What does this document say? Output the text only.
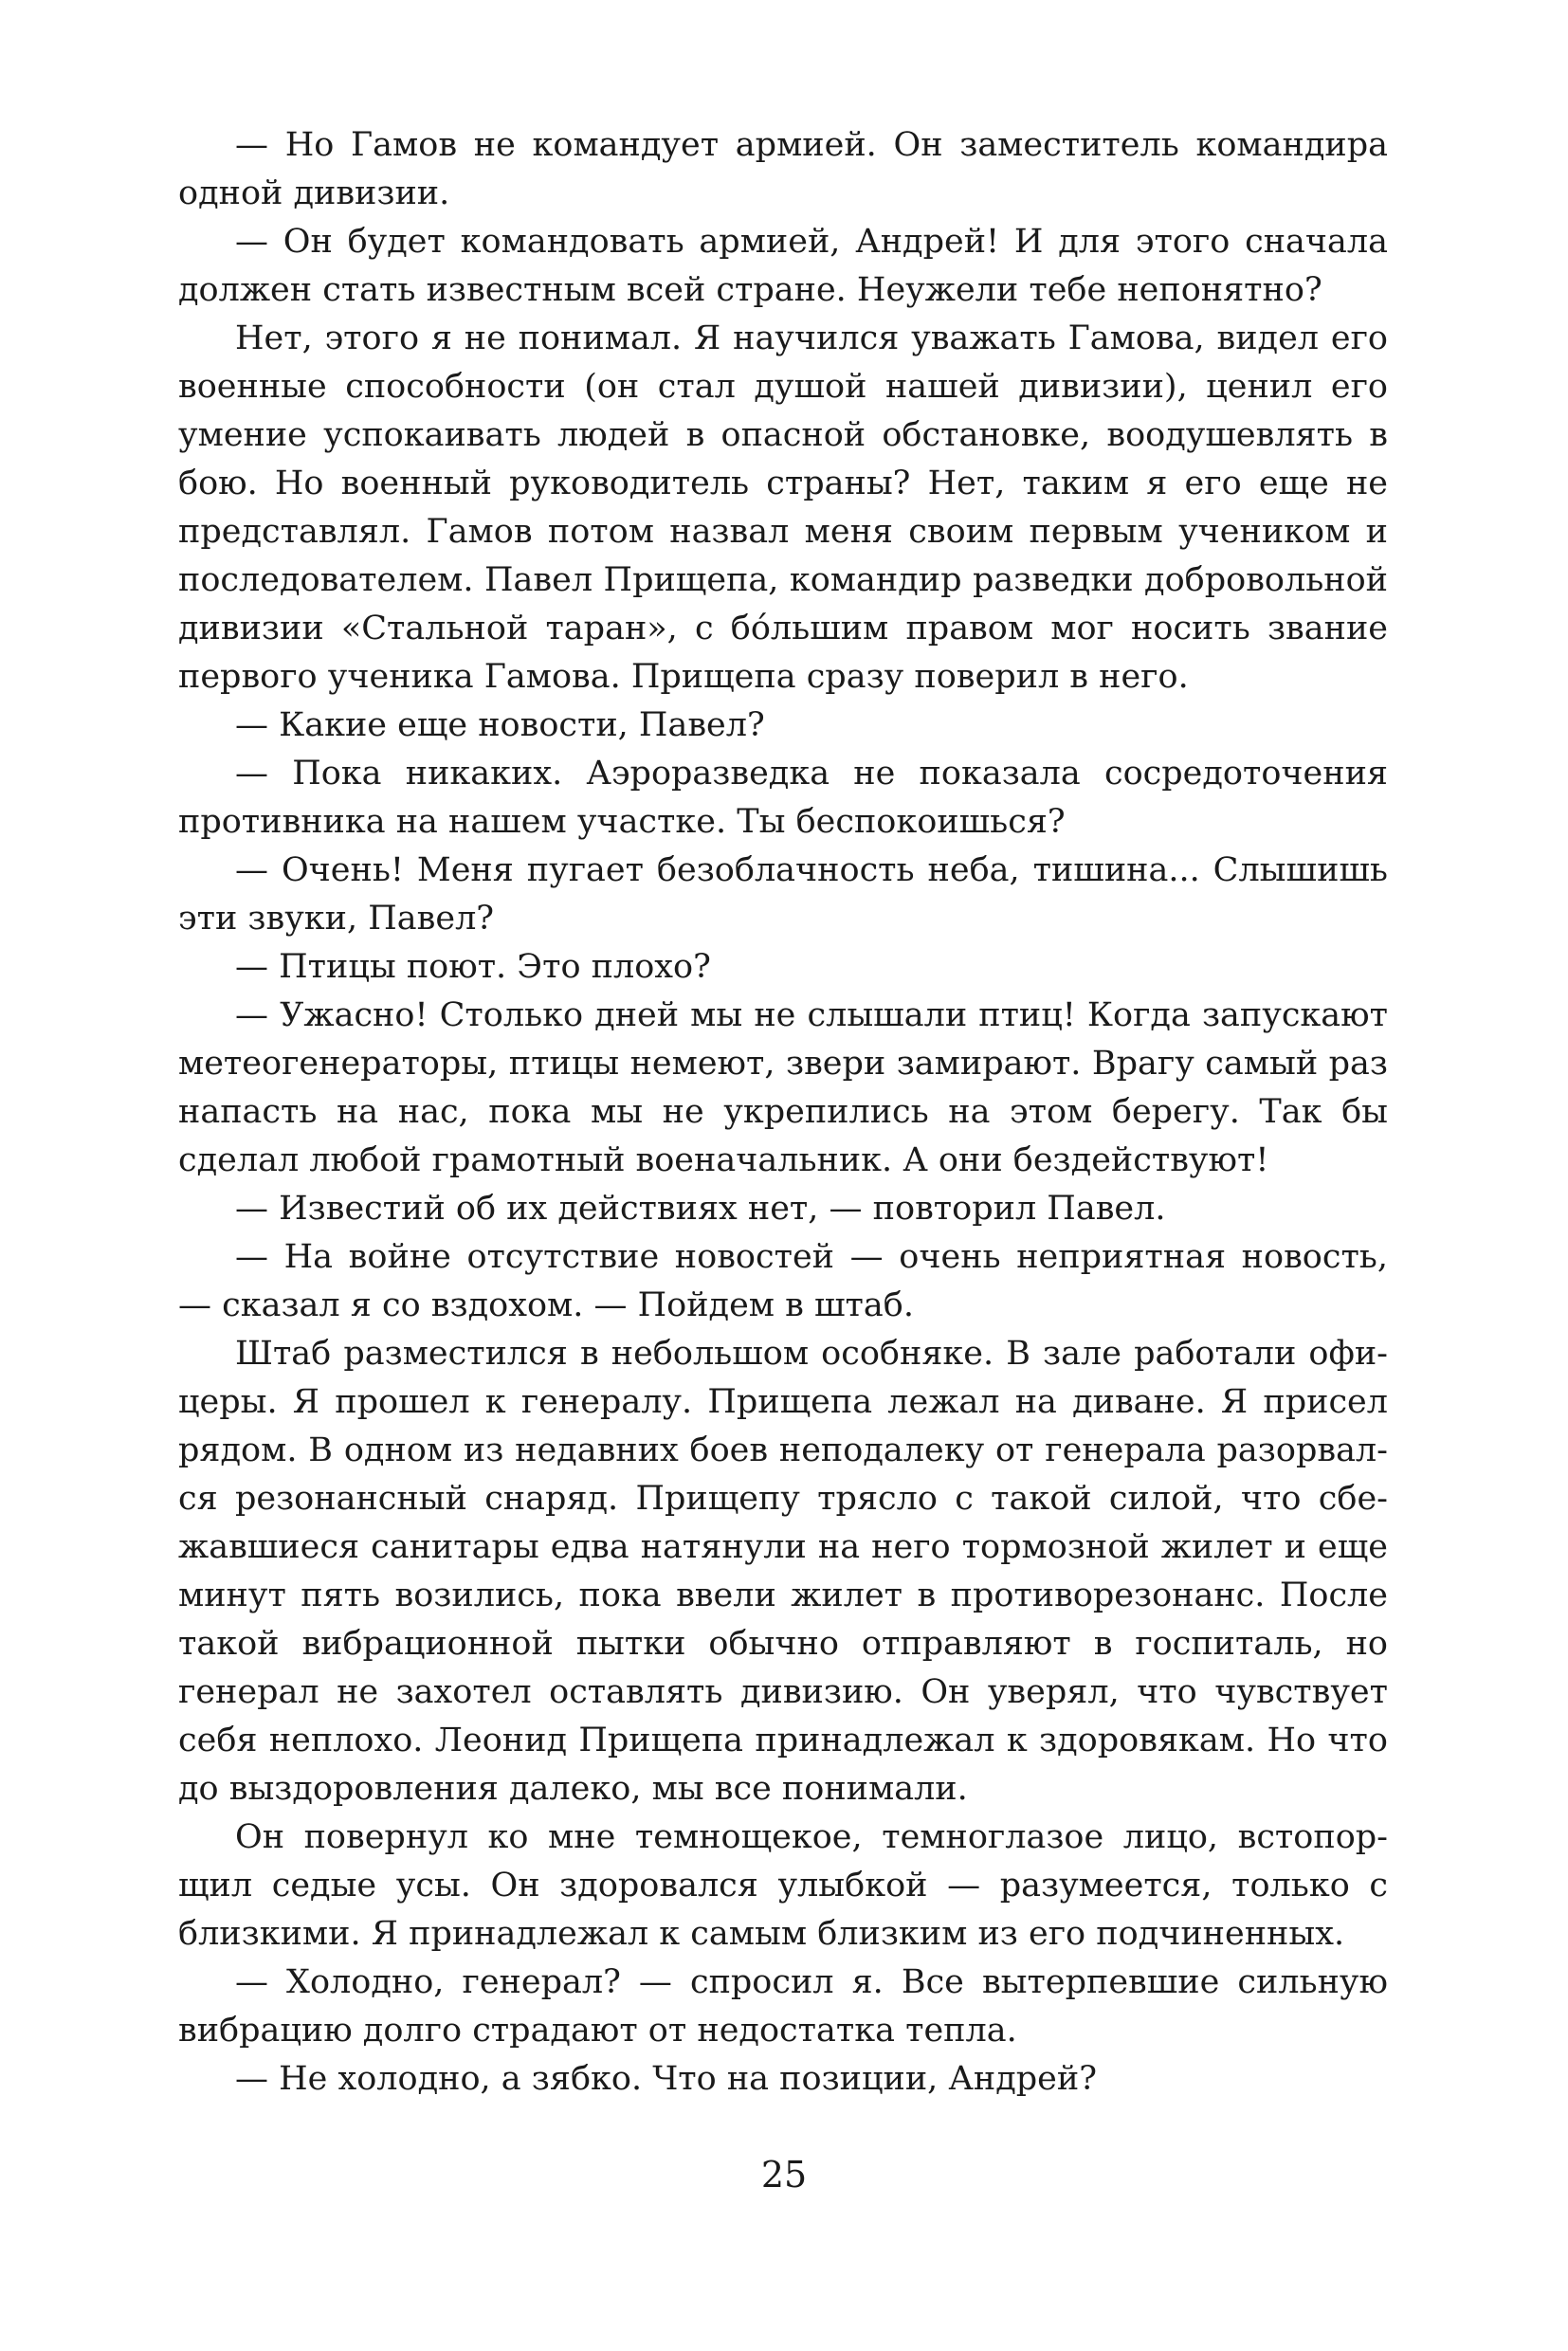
— Но Гамов не командует армией. Он заместитель командира одной дивизии.

— Он будет командовать армией, Андрей! И для этого сначала должен стать известным всей стране. Неужели тебе непонятно?

Нет, этого я не понимал. Я научился уважать Гамова, видел его военные способности (он стал душой нашей дивизии), ценил его умение успокаивать людей в опасной обстановке, воодушевлять в бою. Но военный руководитель страны? Нет, таким я его еще не представлял. Гамов потом назвал меня своим первым учеником и последователем. Павел Прищепа, командир разведки добровольной дивизии «Стальной таран», с бóльшим правом мог носить звание первого ученика Гамова. Прищепа сразу поверил в него.

— Какие еще новости, Павел?

— Пока никаких. Аэроразведка не показала сосредоточения противника на нашем участке. Ты беспокоишься?

— Очень! Меня пугает безоблачность неба, тишина... Слышишь эти звуки, Павел?

— Птицы поют. Это плохо?

— Ужасно! Столько дней мы не слышали птиц! Когда запускают метеогенераторы, птицы немеют, звери замирают. Врагу самый раз напасть на нас, пока мы не укрепились на этом берегу. Так бы сделал любой грамотный военачальник. А они бездействуют!

— Известий об их действиях нет, — повторил Павел.

— На войне отсутствие новостей — очень неприятная новость, — сказал я со вздохом. — Пойдем в штаб.

Штаб разместился в небольшом особняке. В зале работали офицеры. Я прошел к генералу. Прищепа лежал на диване. Я присел рядом. В одном из недавних боев неподалеку от генерала разорвался резонансный снаряд. Прищепу трясло с такой силой, что сбежавшиеся санитары едва натянули на него тормозной жилет и еще минут пять возились, пока ввели жилет в противорезонанс. После такой вибрационной пытки обычно отправляют в госпиталь, но генерал не захотел оставлять дивизию. Он уверял, что чувствует себя неплохо. Леонид Прищепа принадлежал к здоровякам. Но что до выздоровления далеко, мы все понимали.

Он повернул ко мне темнощекое, темноглазое лицо, встопорщил седые усы. Он здоровался улыбкой — разумеется, только с близкими. Я принадлежал к самым близким из его подчиненных.

— Холодно, генерал? — спросил я. Все вытерпевшие сильную вибрацию долго страдают от недостатка тепла.

— Не холодно, а зябко. Что на позиции, Андрей?

25
